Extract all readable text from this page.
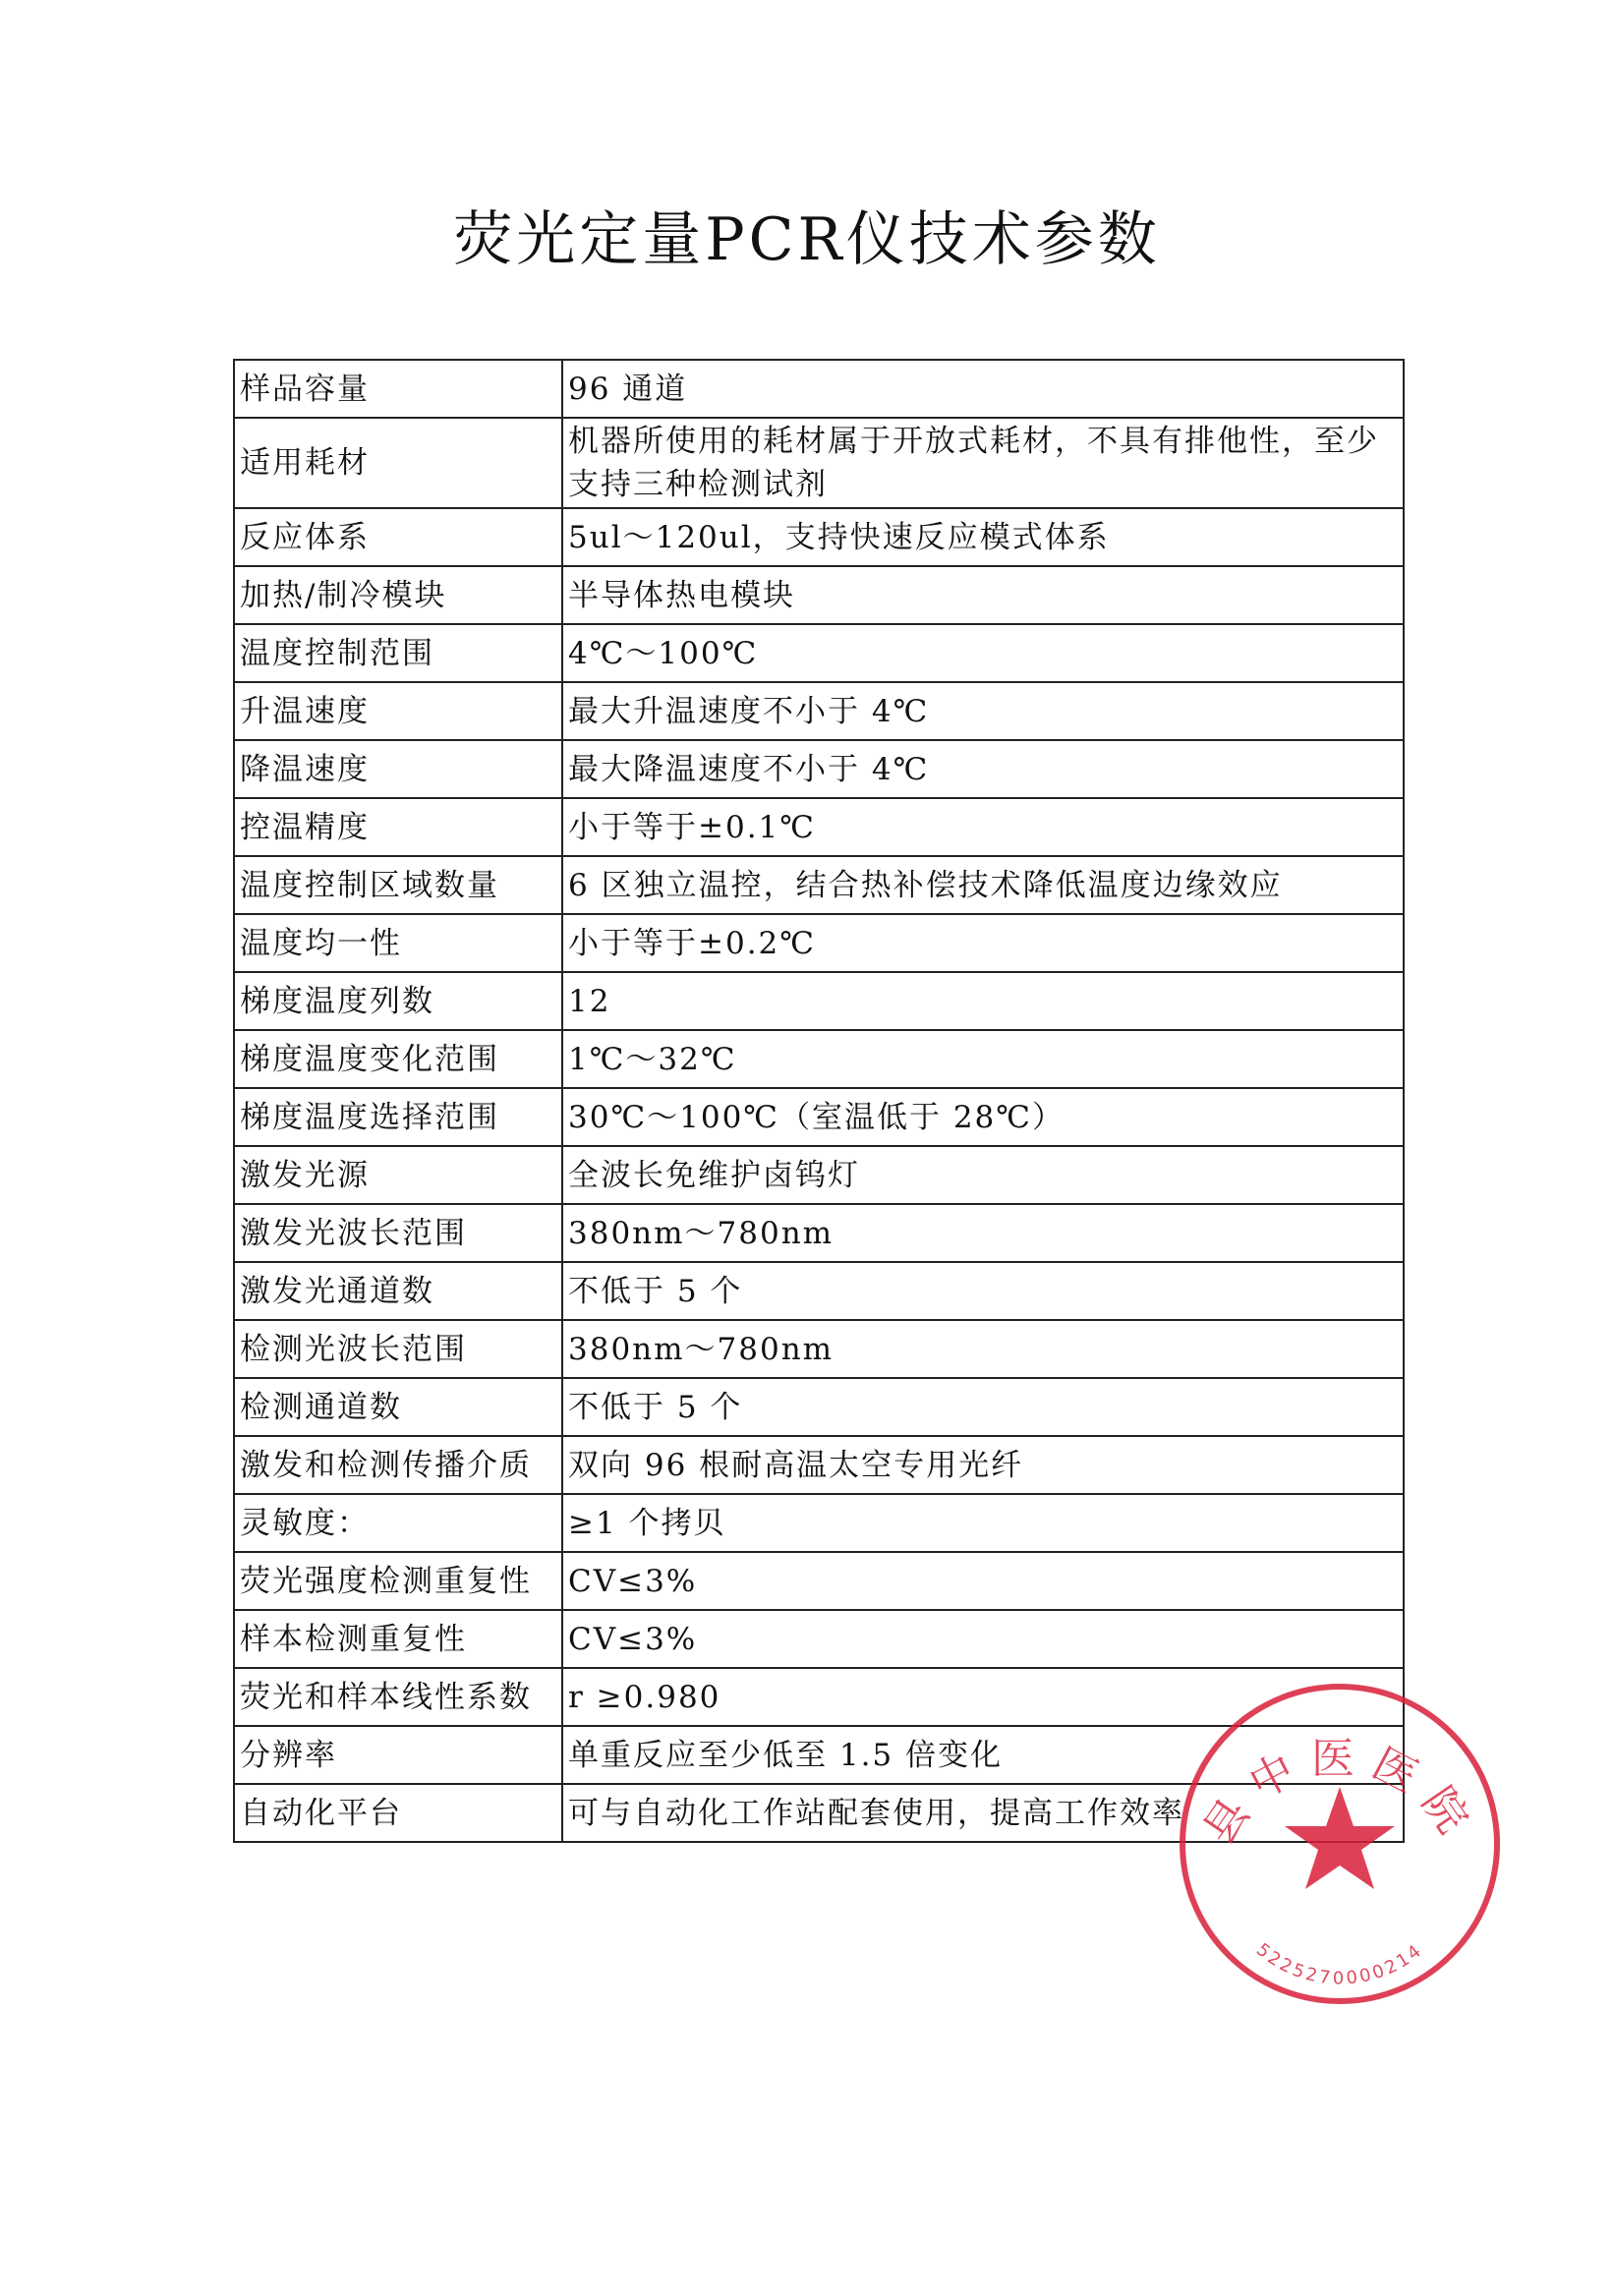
荧光定量PCR仪技术参数
样品容量	96 通道
适用耗材	机器所使用的耗材属于开放式耗材，不具有排他性，至少支持三种检测试剂
反应体系	5ul～120ul，支持快速反应模式体系
加热/制冷模块	半导体热电模块
温度控制范围	4℃～100℃
升温速度	最大升温速度不小于 4℃
降温速度	最大降温速度不小于 4℃
控温精度	小于等于±0.1℃
温度控制区域数量	6 区独立温控，结合热补偿技术降低温度边缘效应
温度均一性	小于等于±0.2℃
梯度温度列数	12
梯度温度变化范围	1℃～32℃
梯度温度选择范围	30℃～100℃（室温低于 28℃）
激发光源	全波长免维护卤钨灯
激发光波长范围	380nm～780nm
激发光通道数	不低于 5 个
检测光波长范围	380nm～780nm
检测通道数	不低于 5 个
激发和检测传播介质	双向 96 根耐高温太空专用光纤
灵敏度：	≥1 个拷贝
荧光强度检测重复性	CV≤3%
样本检测重复性	CV≤3%
荧光和样本线性系数	r ≥0.980
分辨率	单重反应至少低至 1.5 倍变化
自动化平台	可与自动化工作站配套使用，提高工作效率 县中医医院
5225270000214
